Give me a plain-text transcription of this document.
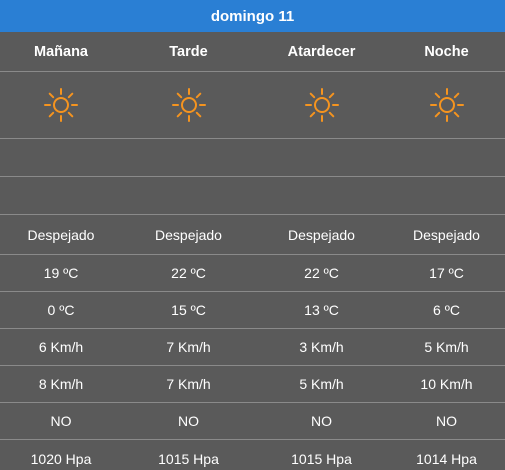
domingo 11
Mañana	Tarde	Atardecer	Noche
Despejado	Despejado	Despejado	Despejado
19 ºC	22 ºC	22 ºC	17 ºC
0 ºC	15 ºC	13 ºC	6 ºC
6 Km/h	7 Km/h	3 Km/h	5 Km/h
8 Km/h	7 Km/h	5 Km/h	10 Km/h
NO	NO	NO	NO
1020 Hpa	1015 Hpa	1015 Hpa	1014 Hpa
